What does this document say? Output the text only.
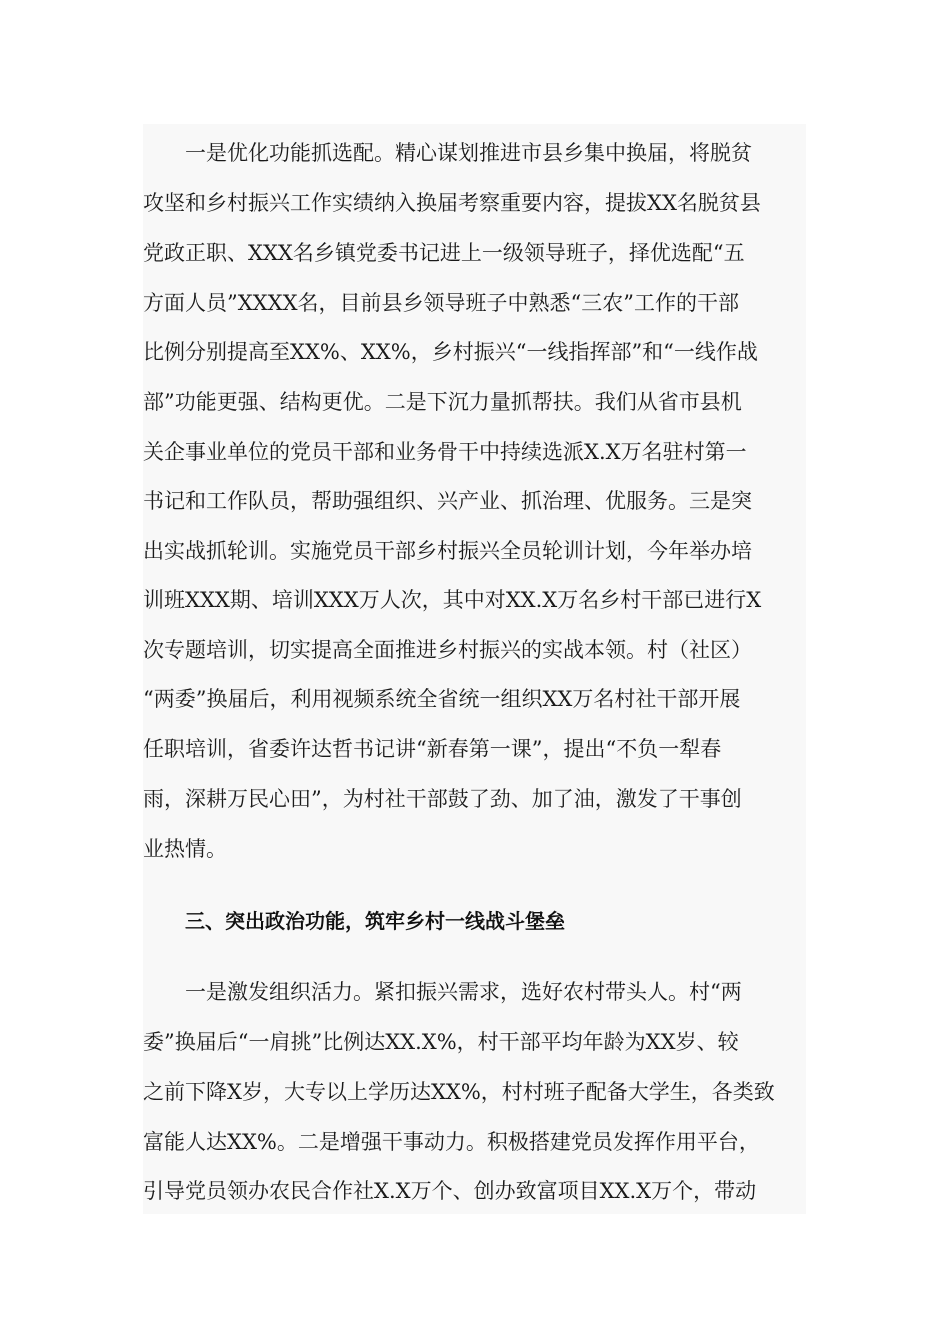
一是优化功能抓选配。精心谋划推进市县乡集中换届，将脱贫
攻坚和乡村振兴工作实绩纳入换届考察重要内容，提拔XX名脱贫县
党政正职、XXX名乡镇党委书记进上一级领导班子，择优选配“五
方面人员”XXXX名，目前县乡领导班子中熟悉“三农”工作的干部
比例分别提高至XX%、XX%，乡村振兴“一线指挥部”和“一线作战
部”功能更强、结构更优。二是下沉力量抓帮扶。我们从省市县机
关企事业单位的党员干部和业务骨干中持续选派X.X万名驻村第一
书记和工作队员，帮助强组织、兴产业、抓治理、优服务。三是突
出实战抓轮训。实施党员干部乡村振兴全员轮训计划，今年举办培
训班XXX期、培训XXX万人次，其中对XX.X万名乡村干部已进行X
次专题培训，切实提高全面推进乡村振兴的实战本领。村（社区）
“两委”换届后，利用视频系统全省统一组织XX万名村社干部开展
任职培训，省委许达哲书记讲“新春第一课”，提出“不负一犁春
雨，深耕万民心田”，为村社干部鼓了劲、加了油，激发了干事创
业热情。
三、突出政治功能，筑牢乡村一线战斗堡垒
一是激发组织活力。紧扣振兴需求，选好农村带头人。村“两
委”换届后“一肩挑”比例达XX.X%，村干部平均年龄为XX岁、较
之前下降X岁，大专以上学历达XX%，村村班子配备大学生，各类致
富能人达XX%。二是增强干事动力。积极搭建党员发挥作用平台，
引导党员领办农民合作社X.X万个、创办致富项目XX.X万个，带动
